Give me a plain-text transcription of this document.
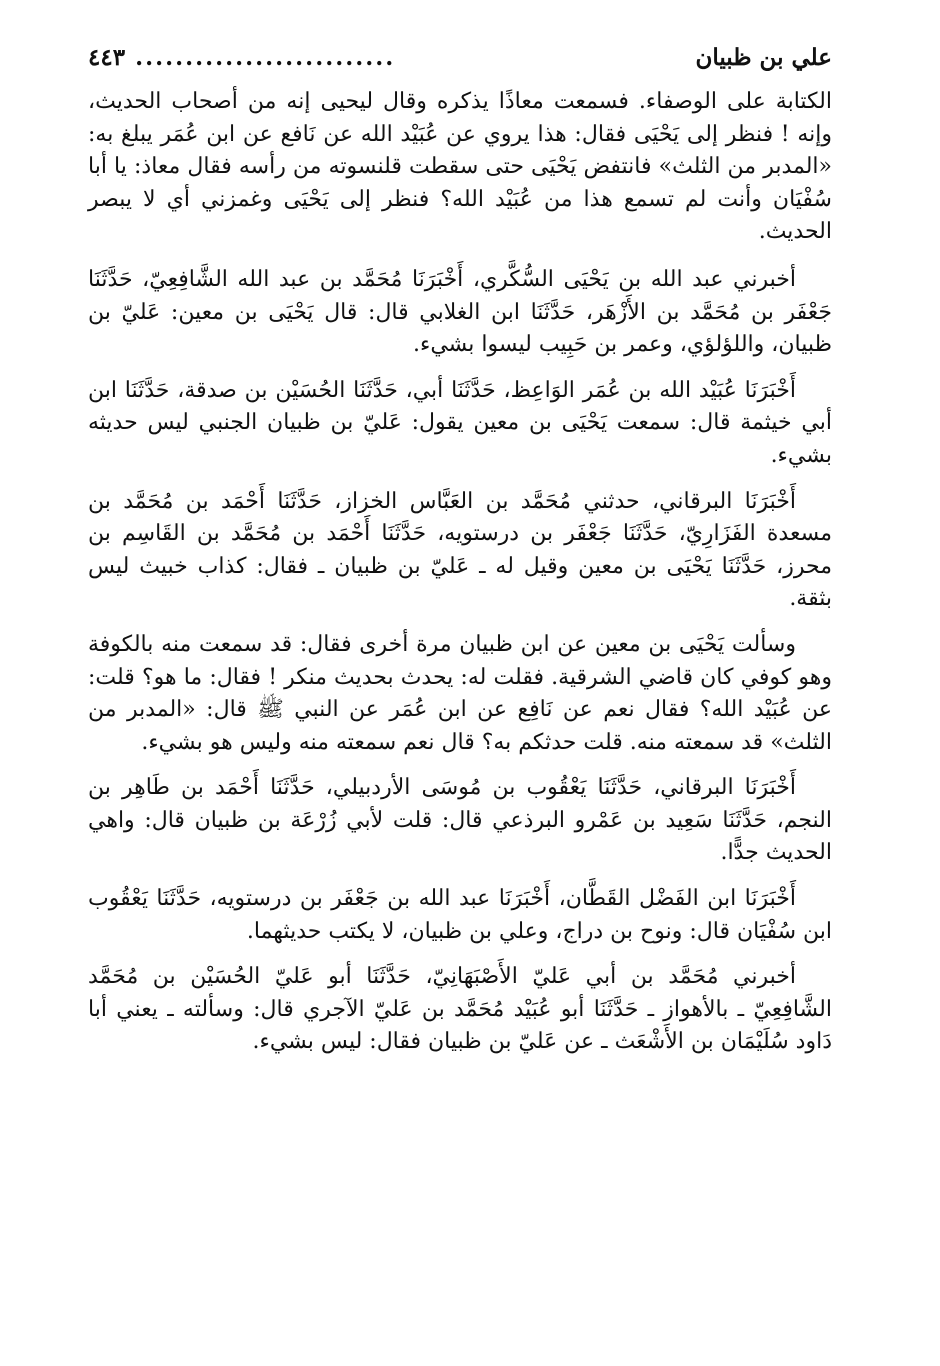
علي بن ظبيان
..........................
٤٤٣

الكتابة على الوصفاء. فسمعت معاذًا يذكره وقال ليحيى إنه من أصحاب الحديث، وإنه ! فنظر إلى يَحْيَى فقال: هذا يروي عن عُبَيْد الله عن نَافع عن ابن عُمَر يبلغ به: «المدبر من الثلث» فانتفض يَحْيَى حتى سقطت قلنسوته من رأسه فقال معاذ: يا أبا سُفْيَان وأنت لم تسمع هذا من عُبَيْد الله؟ فنظر إلى يَحْيَى وغمزني أي لا يبصر الحديث.

أخبرني عبد الله بن يَحْيَى السُّكَّري، أَخْبَرَنَا مُحَمَّد بن عبد الله الشَّافِعِيّ، حَدَّثَنَا جَعْفَر بن مُحَمَّد بن الأَزْهَر، حَدَّثَنَا ابن الغلابي قال: قال يَحْيَى بن معين: عَليّ بن ظبيان، واللؤلؤي، وعمر بن حَبِيب ليسوا بشيء.

أَخْبَرَنَا عُبَيْد الله بن عُمَر الوَاعِظ، حَدَّثَنَا أبي، حَدَّثَنَا الحُسَيْن بن صدقة، حَدَّثَنَا ابن أبي خيثمة قال: سمعت يَحْيَى بن معين يقول: عَليّ بن ظبيان الجنبي ليس حديثه بشيء.

أَخْبَرَنَا البرقاني، حدثني مُحَمَّد بن العَبَّاس الخزاز، حَدَّثَنَا أَحْمَد بن مُحَمَّد بن مسعدة الفَزَارِيّ، حَدَّثَنَا جَعْفَر بن درستويه، حَدَّثَنَا أَحْمَد بن مُحَمَّد بن القَاسِم بن محرز، حَدَّثَنَا يَحْيَى بن معين وقيل له ـ عَليّ بن ظبيان ـ فقال: كذاب خبيث ليس بثقة.

وسألت يَحْيَى بن معين عن ابن ظبيان مرة أخرى فقال: قد سمعت منه بالكوفة وهو كوفي كان قاضي الشرقية. فقلت له: يحدث بحديث منكر ! فقال: ما هو؟ قلت: عن عُبَيْد الله؟ فقال نعم عن نَافِع عن ابن عُمَر عن النبي ﷺ قال: «المدبر من الثلث» قد سمعته منه. قلت حدثكم به؟ قال نعم سمعته منه وليس هو بشيء.

أَخْبَرَنَا البرقاني، حَدَّثَنَا يَعْقُوب بن مُوسَى الأردبيلي، حَدَّثَنَا أَحْمَد بن طَاهِر بن النجم، حَدَّثَنَا سَعِيد بن عَمْرو البرذعي قال: قلت لأبي زُرْعَة بن ظبيان قال: واهي الحديث جدًّا.

أَخْبَرَنَا ابن الفَضْل القَطَّان، أَخْبَرَنَا عبد الله بن جَعْفَر بن درستويه، حَدَّثَنَا يَعْقُوب ابن سُفْيَان قال: ونوح بن دراج، وعلي بن ظبيان، لا يكتب حديثهما.

أخبرني مُحَمَّد بن أبي عَليّ الأَصْبَهَانِيّ، حَدَّثَنَا أبو عَليّ الحُسَيْن بن مُحَمَّد الشَّافِعِيّ ـ بالأهواز ـ حَدَّثَنَا أبو عُبَيْد مُحَمَّد بن عَليّ الآجري قال: وسألته ـ يعني أبا دَاود سُلَيْمَان بن الأَشْعَث ـ عن عَليّ بن ظبيان فقال: ليس بشيء.
